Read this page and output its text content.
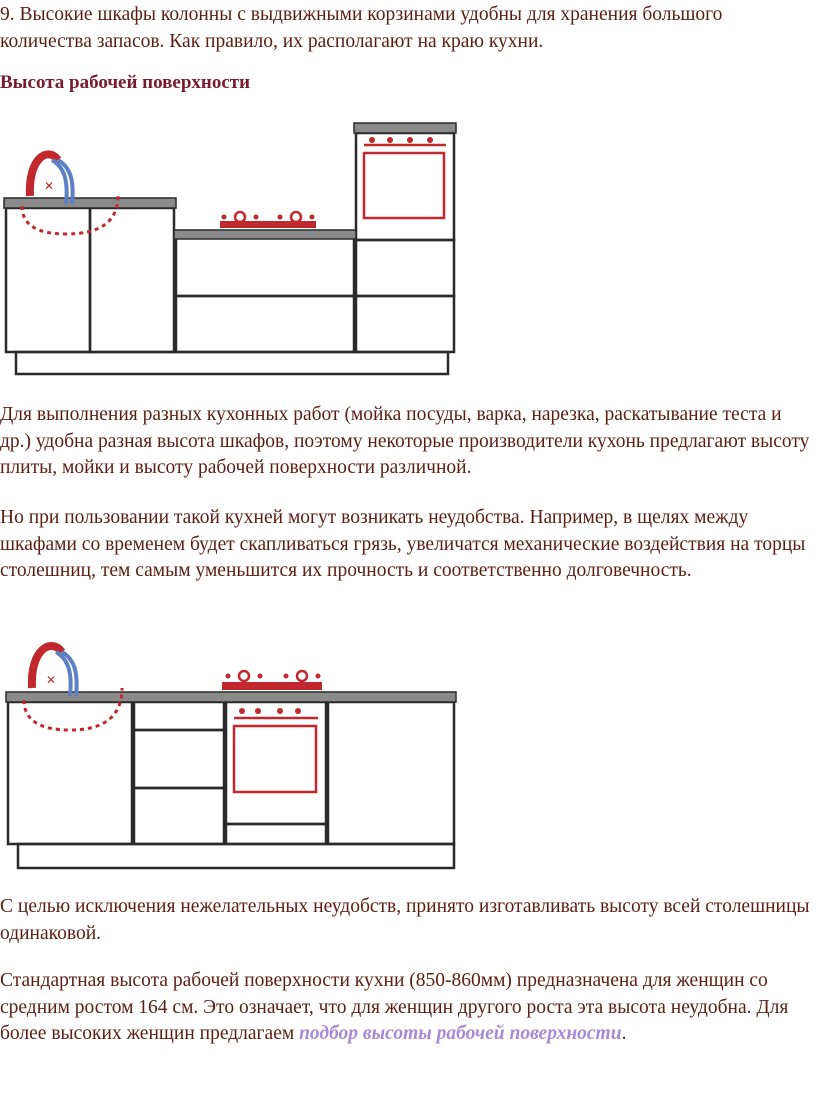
9. Высокие шкафы колонны с выдвижными корзинами удобны для хранения большого количества запасов. Как правило, их располагают на краю кухни.

Высота рабочей поверхности
✕

Для выполнения разных кухонных работ (мойка посуды, варка, нарезка, раскатывание теста и др.) удобна разная высота шкафов, поэтому некоторые производители кухонь предлагают высоту плиты, мойки и высоту рабочей поверхности различной.

Но при пользовании такой кухней могут возникать неудобства. Например, в щелях между шкафами со временем будет скапливаться грязь, увеличатся механические воздействия на торцы столешниц, тем самым уменьшится их прочность и соответственно долговечность.

✕

С целью исключения нежелательных неудобств, принято изготавливать высоту всей столешницы одинаковой.

Стандартная высота рабочей поверхности кухни (850-860мм) предназначена для женщин со средним ростом 164 см. Это означает, что для женщин другого роста эта высота неудобна. Для более высоких женщин предлагаем подбор высоты рабочей поверхности.
